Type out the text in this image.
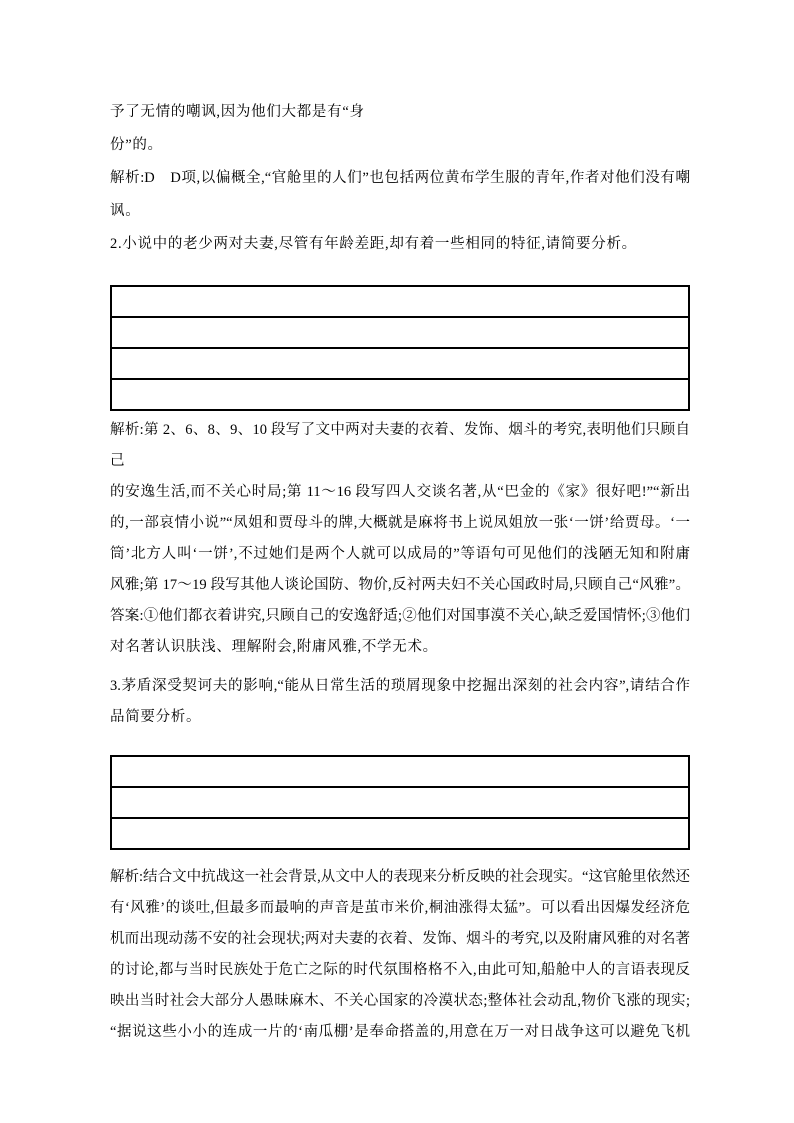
予了无情的嘲讽,因为他们大都是有“身
份”的。
解析:D　D项,以偏概全,“官舱里的人们”也包括两位黄布学生服的青年,作者对他们没有嘲
讽。
2.小说中的老少两对夫妻,尽管有年龄差距,却有着一些相同的特征,请简要分析。
解析:第 2、6、8、9、10 段写了文中两对夫妻的衣着、发饰、烟斗的考究,表明他们只顾自己
的安逸生活,而不关心时局;第 11～16 段写四人交谈名著,从“巴金的《家》很好吧!”“新出
的,一部哀情小说”“凤姐和贾母斗的牌,大概就是麻将书上说凤姐放一张‘一饼’给贾母。‘一
筒’北方人叫‘一饼’,不过她们是两个人就可以成局的”等语句可见他们的浅陋无知和附庸
风雅;第 17～19 段写其他人谈论国防、物价,反衬两夫妇不关心国政时局,只顾自己“风雅”。
答案:①他们都衣着讲究,只顾自己的安逸舒适;②他们对国事漠不关心,缺乏爱国情怀;③他们
对名著认识肤浅、理解附会,附庸风雅,不学无术。
3.茅盾深受契诃夫的影响,“能从日常生活的琐屑现象中挖掘出深刻的社会内容”,请结合作
品简要分析。
解析:结合文中抗战这一社会背景,从文中人的表现来分析反映的社会现实。“这官舱里依然还
有‘风雅’的谈吐,但最多而最响的声音是茧市米价,桐油涨得太猛”。可以看出因爆发经济危
机而出现动荡不安的社会现状;两对夫妻的衣着、发饰、烟斗的考究,以及附庸风雅的对名著
的讨论,都与当时民族处于危亡之际的时代氛围格格不入,由此可知,船舱中人的言语表现反
映出当时社会大部分人愚昧麻木、不关心国家的冷漠状态;整体社会动乱,物价飞涨的现实;
“据说这些小小的连成一片的‘南瓜棚’是奉命搭盖的,用意在万一对日战争这可以避免飞机
